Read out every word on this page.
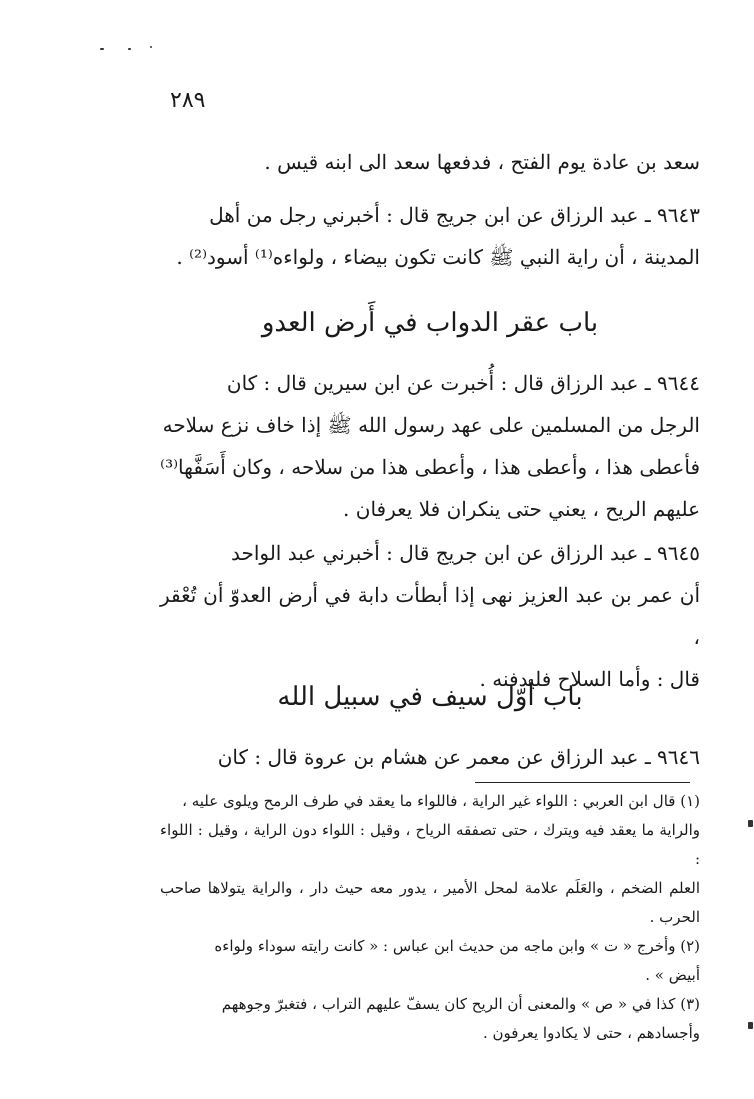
٢٨٩

سعد بن عادة يوم الفتح ، فدفعها سعد الى ابنه قيس .

٩٦٤٣ ـ عبد الرزاق عن ابن جريج قال : أخبرني رجل من أهل

المدينة ، أن راية النبي ﷺ كانت تكون بيضاء ، ولواءه⁽¹⁾ أسود⁽²⁾ .

باب عقر الدواب في أَرض العدو

٩٦٤٤ ـ عبد الرزاق قال : أُخبرت عن ابن سيرين قال : كان

الرجل من المسلمين على عهد رسول الله ﷺ إذا خاف نزع سلاحه

فأعطى هذا ، وأعطى هذا ، وأعطى هذا من سلاحه ، وكان أَسَفَّها⁽³⁾

عليهم الريح ، يعني حتى ينكران فلا يعرفان .

٩٦٤٥ ـ عبد الرزاق عن ابن جريج قال : أخبرني عبد الواحد

أن عمر بن عبد العزيز نهى إذا أبطأت دابة في أرض العدوّ أن تُعْقر ،

قال : وأما السلاح فليدفنه .

باب أوّل سيف في سبيل الله

٩٦٤٦ ـ عبد الرزاق عن معمر عن هشام بن عروة قال : كان

(١) قال ابن العربي : اللواء غير الراية ، فاللواء ما يعقد في طرف الرمح ويلوى عليه ،

والراية ما يعقد فيه ويترك ، حتى تصفقه الرياح ، وقيل : اللواء دون الراية ، وقيل : اللواء :

العلم الضخم ، والعَلَم علامة لمحل الأمير ، يدور معه حيث دار ، والراية يتولاها صاحب الحرب .

(٢) وأخرج « ت » وابن ماجه من حديث ابن عباس : « كانت رايته سوداء ولواءه

أبيض » .

(٣) كذا في « ص » والمعنى أن الريح كان يسفّ عليهم التراب ، فتغبرّ وجوههم

وأجسادهم ، حتى لا يكادوا يعرفون .
